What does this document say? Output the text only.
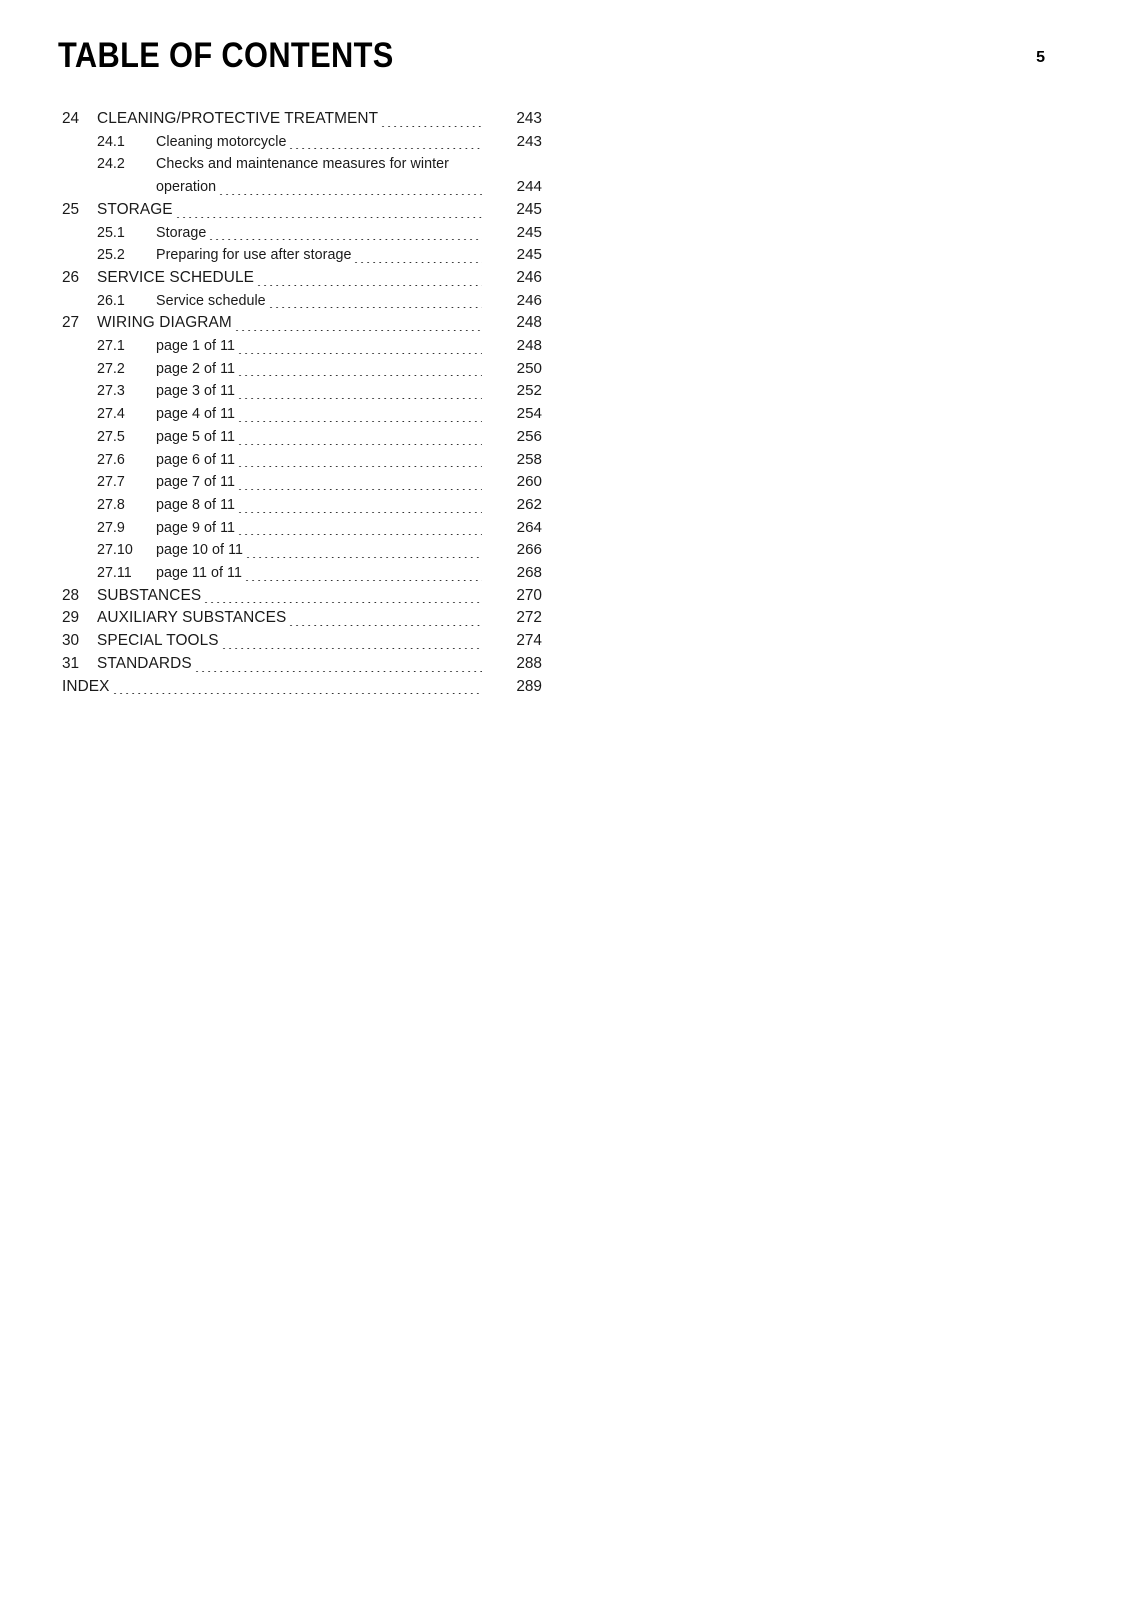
TABLE OF CONTENTS	5
24	CLEANING/PROTECTIVE TREATMENT	243
24.1	Cleaning motorcycle	243
24.2	Checks and maintenance measures for winter
operation	244
25	STORAGE	245
25.1	Storage	245
25.2	Preparing for use after storage	245
26	SERVICE SCHEDULE	246
26.1	Service schedule	246
27	WIRING DIAGRAM	248
27.1	page 1 of 11	248
27.2	page 2 of 11	250
27.3	page 3 of 11	252
27.4	page 4 of 11	254
27.5	page 5 of 11	256
27.6	page 6 of 11	258
27.7	page 7 of 11	260
27.8	page 8 of 11	262
27.9	page 9 of 11	264
27.10	page 10 of 11	266
27.11	page 11 of 11	268
28	SUBSTANCES	270
29	AUXILIARY SUBSTANCES	272
30	SPECIAL TOOLS	274
31	STANDARDS	288
INDEX	289
